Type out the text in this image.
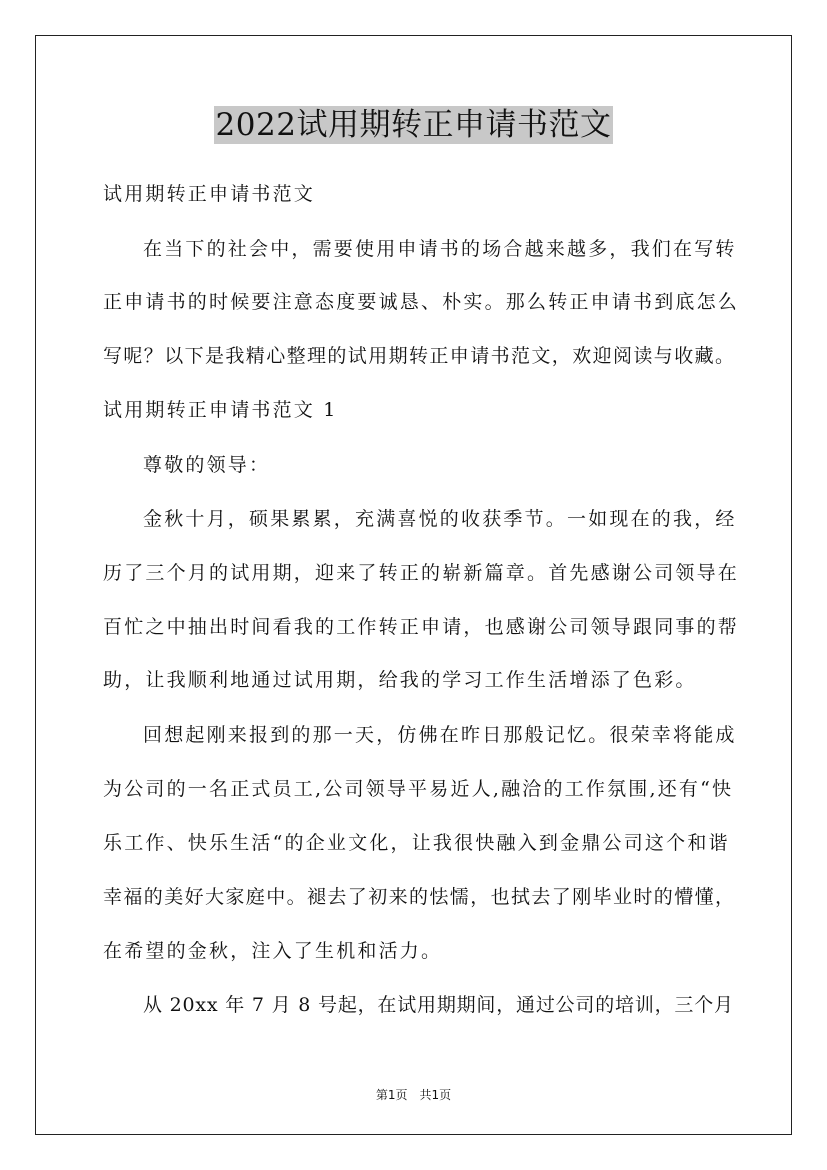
2022试用期转正申请书范文
试用期转正申请书范文
在当下的社会中，需要使用申请书的场合越来越多，我们在写转
正申请书的时候要注意态度要诚恳、朴实。那么转正申请书到底怎么
写呢？以下是我精心整理的试用期转正申请书范文，欢迎阅读与收藏。
试用期转正申请书范文 1
尊敬的领导：
金秋十月，硕果累累，充满喜悦的收获季节。一如现在的我，经
历了三个月的试用期，迎来了转正的崭新篇章。首先感谢公司领导在
百忙之中抽出时间看我的工作转正申请，也感谢公司领导跟同事的帮
助，让我顺利地通过试用期，给我的学习工作生活增添了色彩。
回想起刚来报到的那一天，仿佛在昨日那般记忆。很荣幸将能成
为公司的一名正式员工,公司领导平易近人,融洽的工作氛围,还有“快
乐工作、快乐生活“的企业文化，让我很快融入到金鼎公司这个和谐
幸福的美好大家庭中。褪去了初来的怯懦，也拭去了刚毕业时的懵懂，
在希望的金秋，注入了生机和活力。
从 20xx 年 7 月 8 号起，在试用期期间，通过公司的培训，三个月
第1页　共1页
